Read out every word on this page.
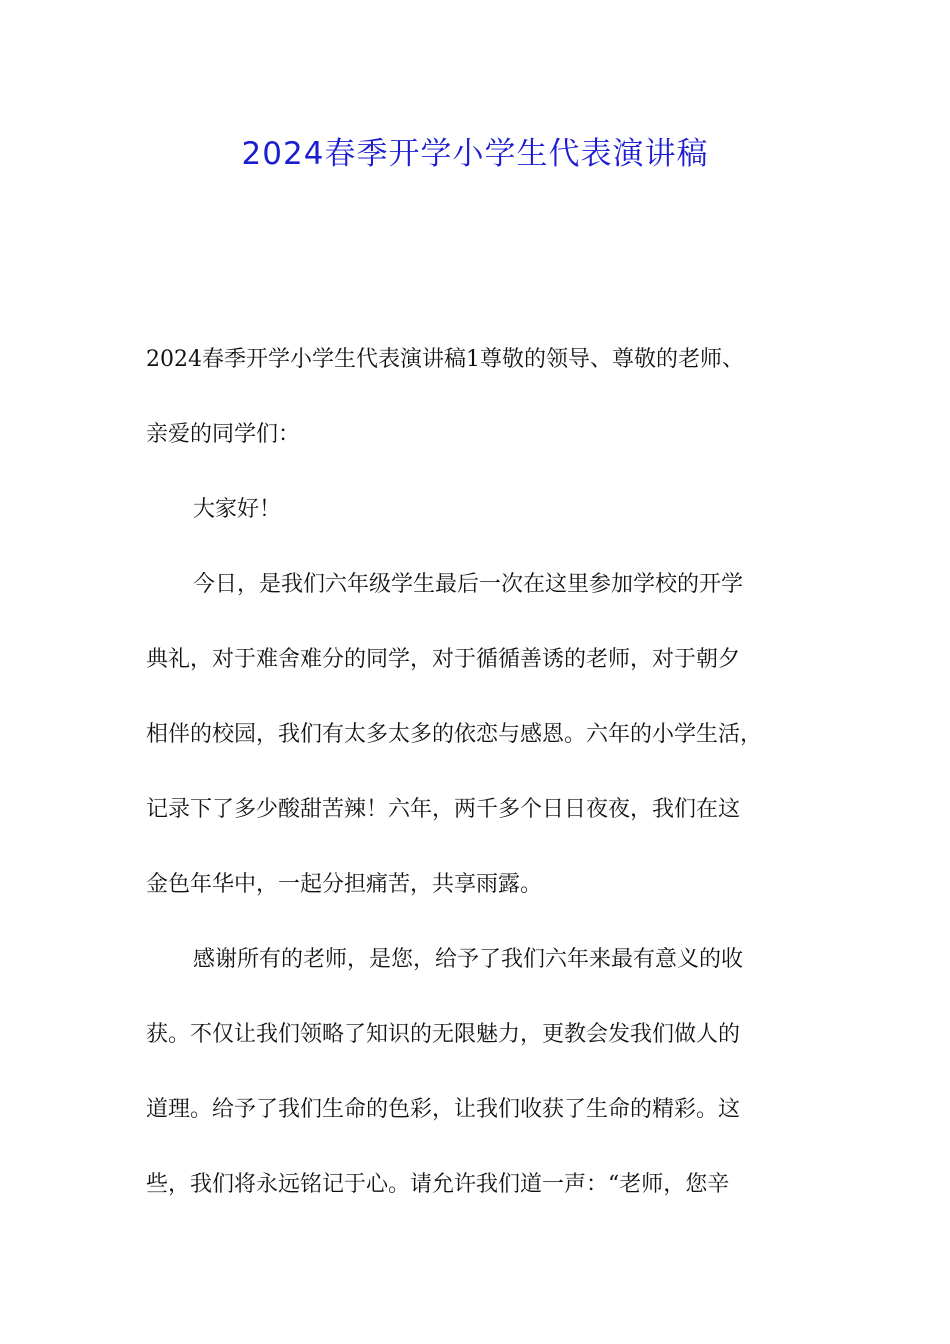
2024春季开学小学生代表演讲稿
2024春季开学小学生代表演讲稿1尊敬的领导、尊敬的老师、
亲爱的同学们：
大家好！
今日，是我们六年级学生最后一次在这里参加学校的开学
典礼，对于难舍难分的同学，对于循循善诱的老师，对于朝夕
相伴的校园，我们有太多太多的依恋与感恩。六年的小学生活，
记录下了多少酸甜苦辣！六年，两千多个日日夜夜，我们在这
金色年华中，一起分担痛苦，共享雨露。
感谢所有的老师，是您，给予了我们六年来最有意义的收
获。不仅让我们领略了知识的无限魅力，更教会发我们做人的
道理。给予了我们生命的色彩，让我们收获了生命的精彩。这
些，我们将永远铭记于心。请允许我们道一声：“老师，您辛
